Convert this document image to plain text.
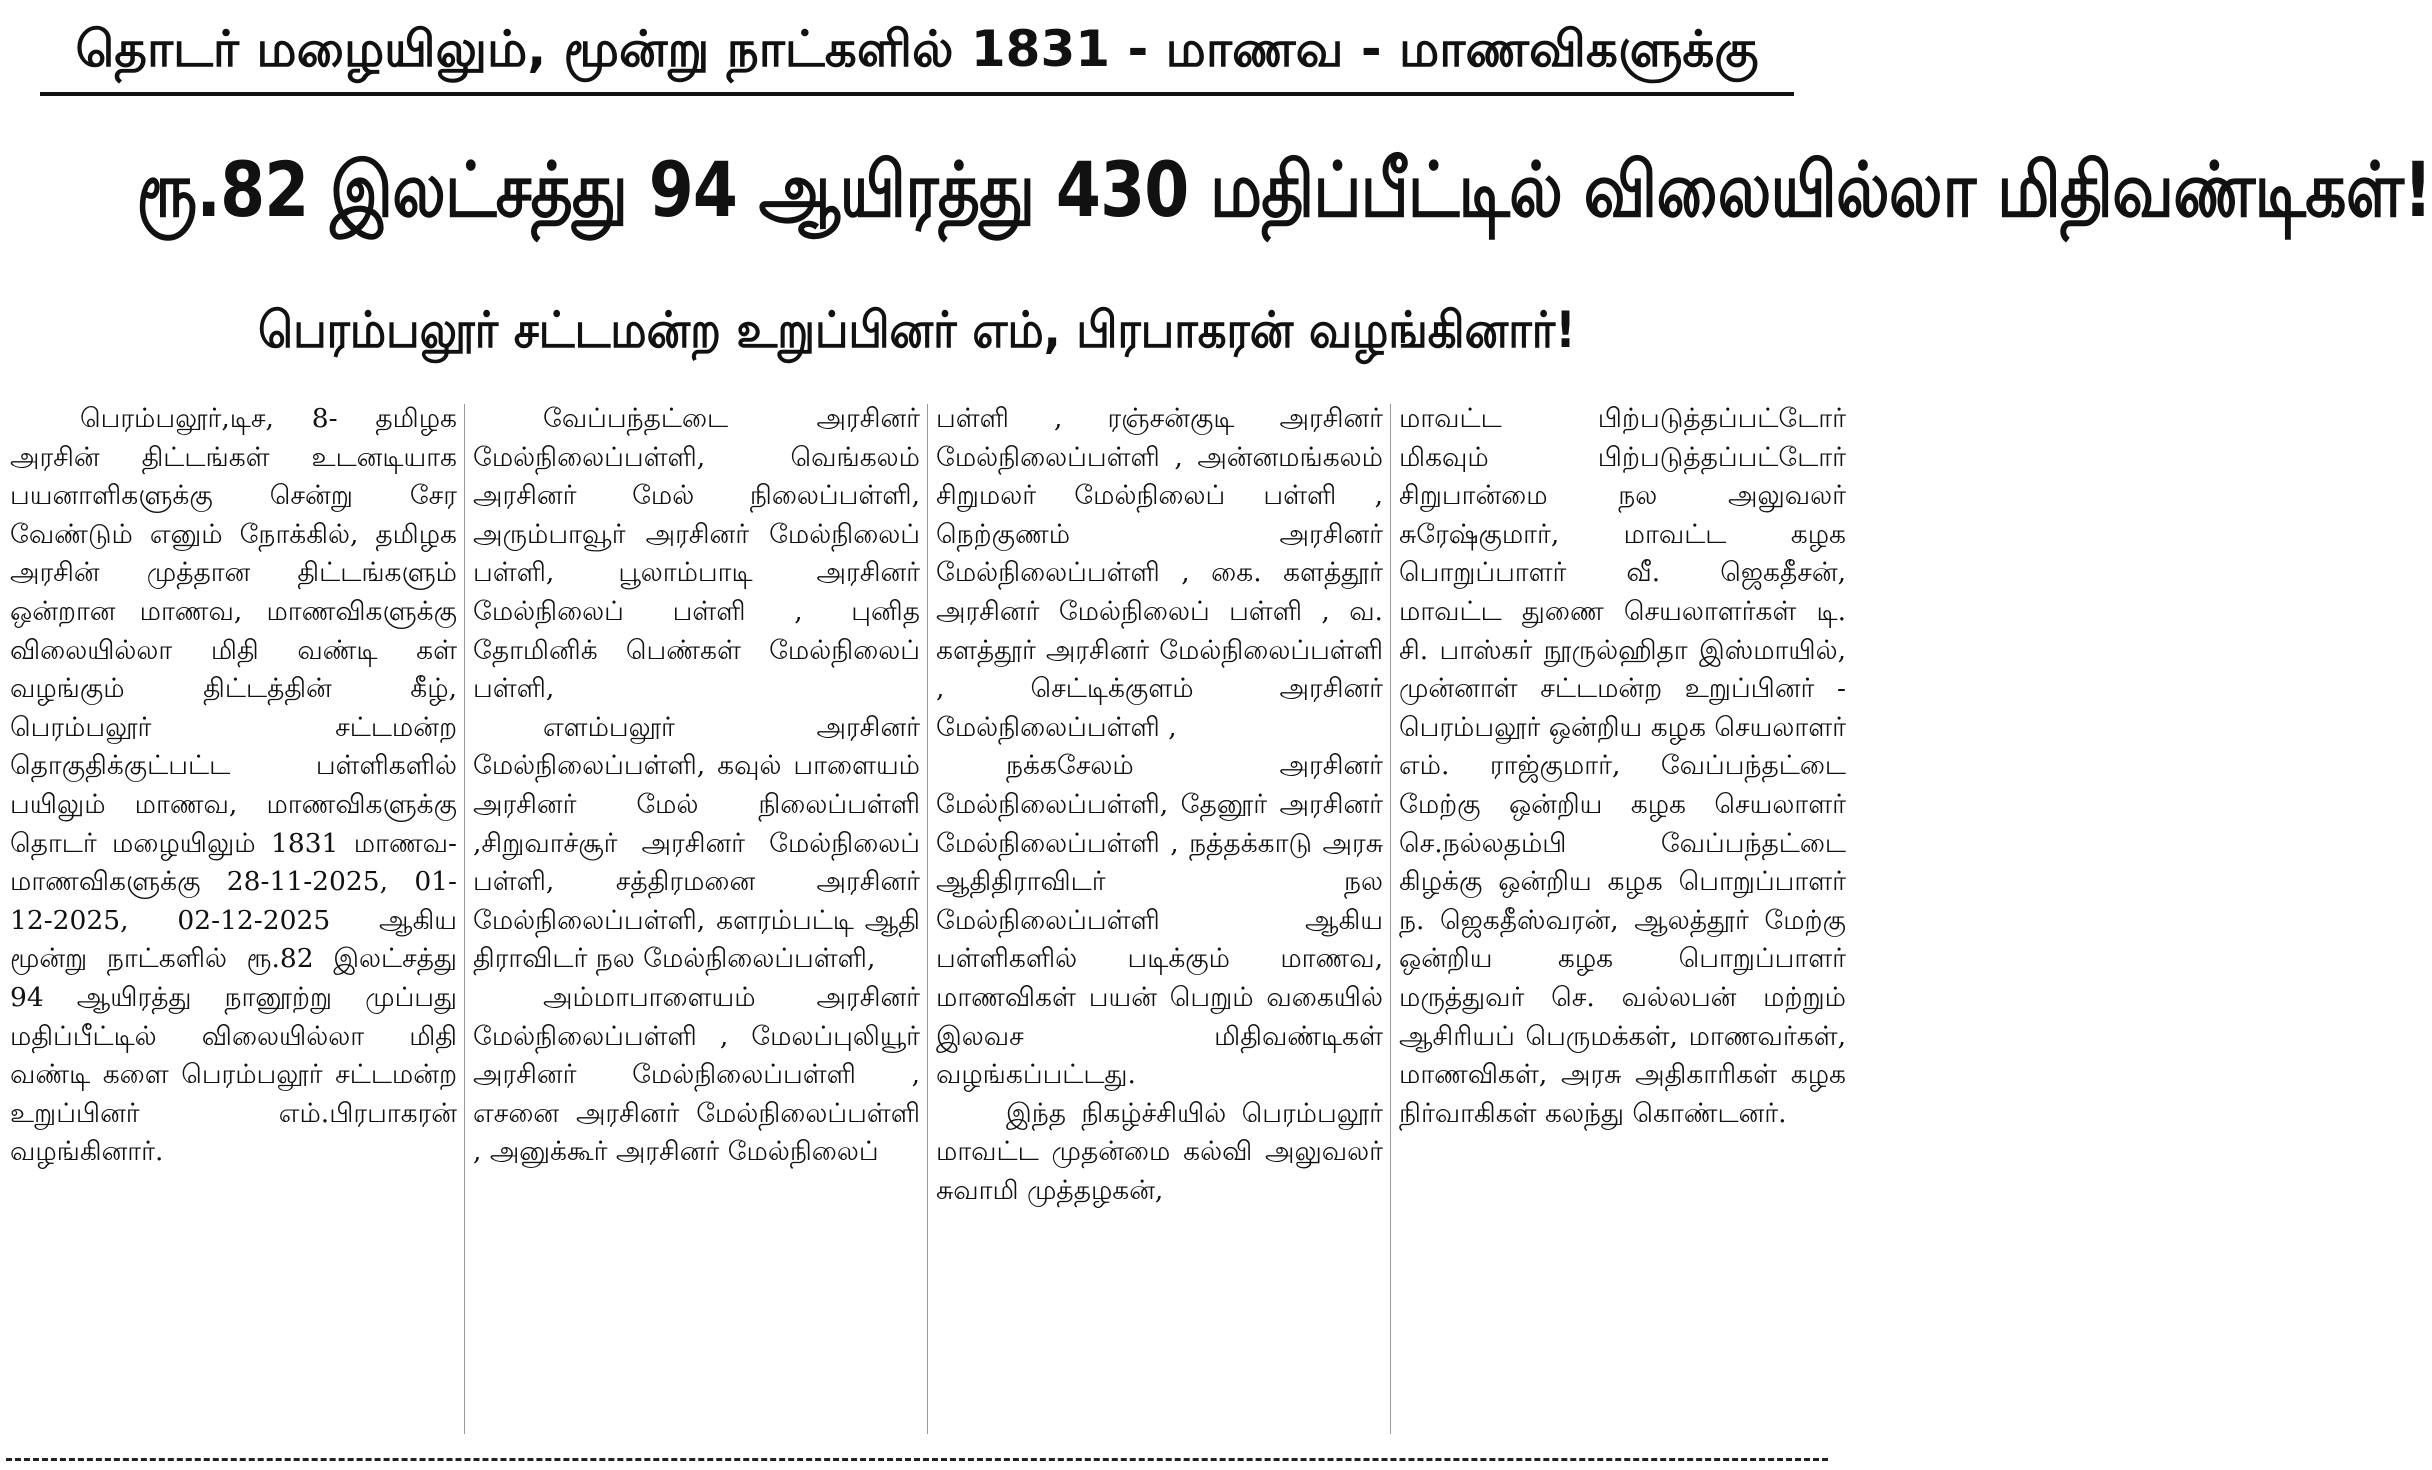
தொடர் மழையிலும், மூன்று நாட்களில் 1831 - மாணவ - மாணவிகளுக்கு
ரூ.82 இலட்சத்து 94 ஆயிரத்து 430 மதிப்பீட்டில் விலையில்லா மிதிவண்டிகள்!
பெரம்பலூர் சட்டமன்ற உறுப்பினர் எம், பிரபாகரன் வழங்கினார்!

பெரம்பலூர்,டிச, 8- தமிழக அரசின் திட்டங்கள் உடனடியாக பயனாளிகளுக்கு சென்று சேர வேண்டும் எனும் நோக்கில், தமிழக அரசின் முத்தான திட்டங்களும் ஒன்றான மாணவ, மாணவிகளுக்கு விலையில்லா மிதி வண்டி கள் வழங்கும் திட்டத்தின் கீழ், பெரம்பலூர் சட்டமன்ற தொகுதிக்குட்பட்ட பள்ளிகளில் பயிலும் மாணவ, மாணவிகளுக்கு தொடர் மழையிலும் 1831 மாணவ- மாணவிகளுக்கு 28-11-2025, 01-12-2025, 02-12-2025 ஆகிய மூன்று நாட்களில் ரூ.82 இலட்சத்து 94 ஆயிரத்து நானூற்று முப்பது மதிப்பீட்டில் விலையில்லா மிதி வண்டி களை பெரம்பலூர் சட்டமன்ற உறுப்பினர் எம்.பிரபாகரன் வழங்கினார்.

வேப்பந்தட்டை அரசினர் மேல்நிலைப்பள்ளி, வெங்கலம் அரசினர் மேல் நிலைப்பள்ளி, அரும்பாவூர் அரசினர் மேல்நிலைப் பள்ளி, பூலாம்பாடி அரசினர் மேல்நிலைப் பள்ளி , புனித தோமினிக் பெண்கள் மேல்நிலைப் பள்ளி,

எளம்பலூர் அரசினர் மேல்நிலைப்பள்ளி, கவுல் பாளையம் அரசினர் மேல் நிலைப்பள்ளி ,சிறுவாச்சூர் அரசினர் மேல்நிலைப் பள்ளி, சத்திரமனை அரசினர் மேல்நிலைப்பள்ளி, களரம்பட்டி ஆதி திராவிடர் நல மேல்நிலைப்பள்ளி,

அம்மாபாளையம் அரசினர் மேல்நிலைப்பள்ளி , மேலப்புலியூர் அரசினர் மேல்நிலைப்பள்ளி , எசனை அரசினர் மேல்நிலைப்பள்ளி , அனுக்கூர் அரசினர் மேல்நிலைப்

பள்ளி , ரஞ்சன்குடி அரசினர் மேல்நிலைப்பள்ளி , அன்னமங்கலம் சிறுமலர் மேல்நிலைப் பள்ளி , நெற்குணம் அரசினர் மேல்நிலைப்பள்ளி , கை. களத்தூர் அரசினர் மேல்நிலைப் பள்ளி , வ. களத்தூர் அரசினர் மேல்நிலைப்பள்ளி , செட்டிக்குளம் அரசினர் மேல்நிலைப்பள்ளி ,

நக்கசேலம் அரசினர் மேல்நிலைப்பள்ளி, தேனூர் அரசினர் மேல்நிலைப்பள்ளி , நத்தக்காடு அரசு ஆதிதிராவிடர் நல மேல்நிலைப்பள்ளி ஆகிய பள்ளிகளில் படிக்கும் மாணவ, மாணவிகள் பயன் பெறும் வகையில் இலவச மிதிவண்டிகள் வழங்கப்பட்டது.

இந்த நிகழ்ச்சியில் பெரம்பலூர் மாவட்ட முதன்மை கல்வி அலுவலர் சுவாமி முத்தழகன்,

மாவட்ட பிற்படுத்தப்பட்டோர் மிகவும் பிற்படுத்தப்பட்டோர் சிறுபான்மை நல அலுவலர் சுரேஷ்குமார், மாவட்ட கழக பொறுப்பாளர் வீ. ஜெகதீசன், மாவட்ட துணை செயலாளர்கள் டி. சி. பாஸ்கர் நூருல்ஹிதா இஸ்மாயில், முன்னாள் சட்டமன்ற உறுப்பினர் - பெரம்பலூர் ஒன்றிய கழக செயலாளர் எம். ராஜ்குமார், வேப்பந்தட்டை மேற்கு ஒன்றிய கழக செயலாளர் செ.நல்லதம்பி வேப்பந்தட்டை கிழக்கு ஒன்றிய கழக பொறுப்பாளர் ந. ஜெகதீஸ்வரன், ஆலத்தூர் மேற்கு ஒன்றிய கழக பொறுப்பாளர் மருத்துவர் செ. வல்லபன் மற்றும் ஆசிரியப் பெருமக்கள், மாணவர்கள், மாணவிகள், அரசு அதிகாரிகள் கழக நிர்வாகிகள் கலந்து கொண்டனர்.
